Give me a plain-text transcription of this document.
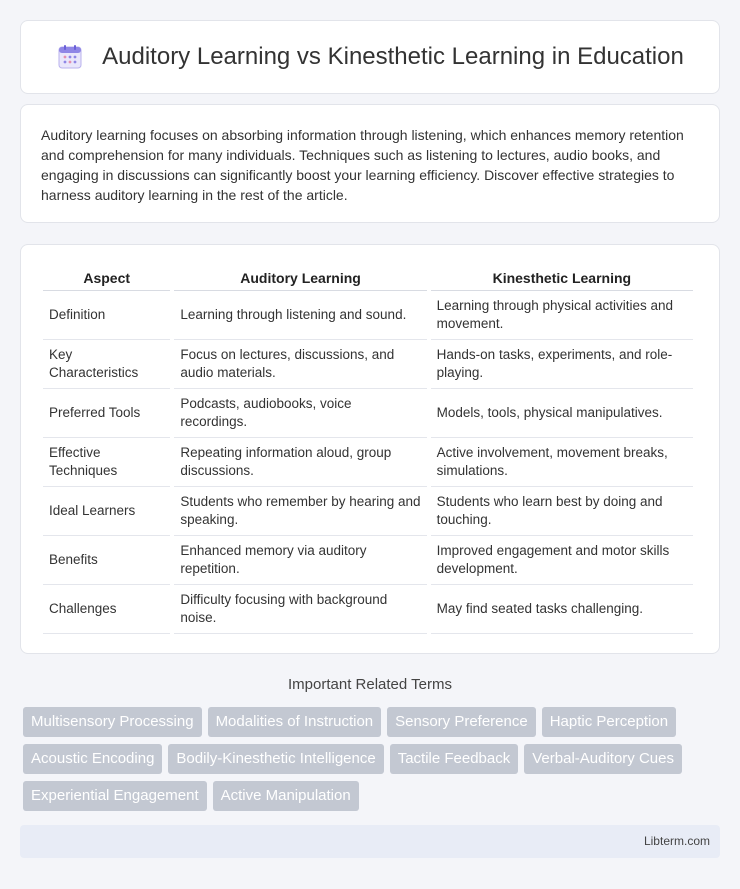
Auditory Learning vs Kinesthetic Learning in Education

Auditory learning focuses on absorbing information through listening, which enhances memory retention and comprehension for many individuals. Techniques such as listening to lectures, audio books, and engaging in discussions can significantly boost your learning efficiency. Discover effective strategies to harness auditory learning in the rest of the article.

Aspect	Auditory Learning	Kinesthetic Learning
Definition	Learning through listening and sound.	Learning through physical activities and movement.
Key Characteristics	Focus on lectures, discussions, and audio materials.	Hands-on tasks, experiments, and role-playing.
Preferred Tools	Podcasts, audiobooks, voice recordings.	Models, tools, physical manipulatives.
Effective Techniques	Repeating information aloud, group discussions.	Active involvement, movement breaks, simulations.
Ideal Learners	Students who remember by hearing and speaking.	Students who learn best by doing and touching.
Benefits	Enhanced memory via auditory repetition.	Improved engagement and motor skills development.
Challenges	Difficulty focusing with background noise.	May find seated tasks challenging.
Important Related Terms
Multisensory Processing	Modalities of Instruction	Sensory Preference	Haptic Perception
Acoustic Encoding	Bodily-Kinesthetic Intelligence	Tactile Feedback	Verbal-Auditory Cues
Experiential Engagement	Active Manipulation
Libterm.com
